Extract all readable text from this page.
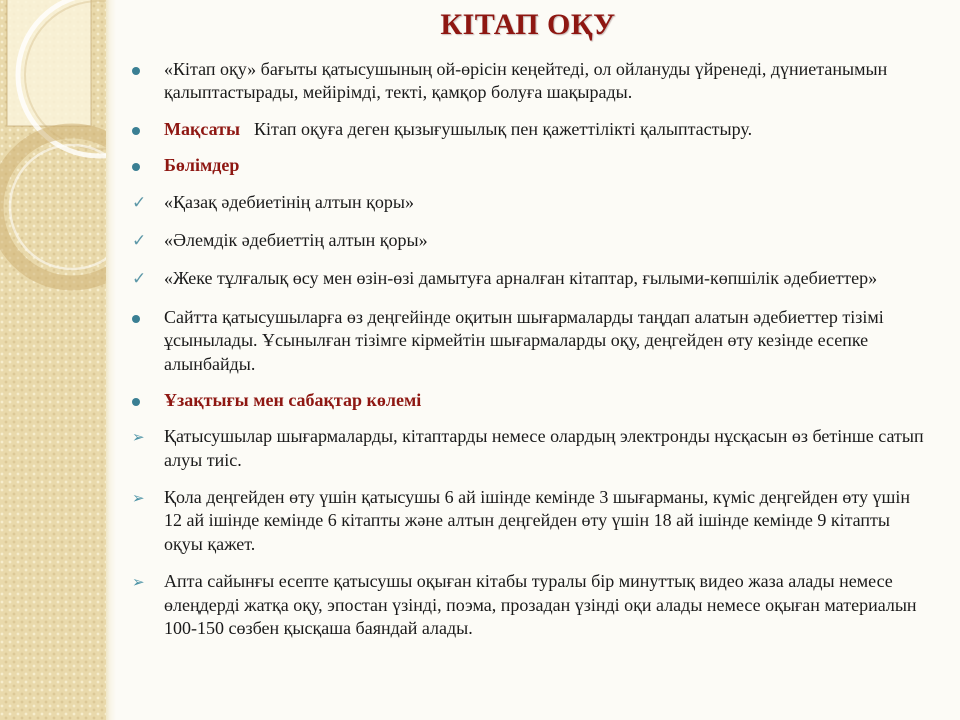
КІТАП ОҚУ
«Кітап оқу» бағыты қатысушының ой-өрісін кеңейтеді, ол ойлануды үйренеді, дүниетанымын қалыптастырады, мейірімді, текті, қамқор болуға шақырады.
Мақсаты Кітап оқуға деген қызығушылық пен қажеттілікті қалыптастыру.
Бөлімдер
✓ «Қазақ әдебиетінің алтын қоры»
✓ «Әлемдік әдебиеттің алтын қоры»
✓ «Жеке тұлғалық өсу мен өзін-өзі дамытуға арналған кітаптар, ғылыми-көпшілік әдебиеттер»
Сайтта қатысушыларға өз деңгейінде оқитын шығармаларды таңдап алатын әдебиеттер тізімі ұсынылады. Ұсынылған тізімге кірмейтін шығармаларды оқу, деңгейден өту кезінде есепке алынбайды.
Ұзақтығы мен сабақтар көлемі
➢	Қатысушылар шығармаларды, кітаптарды немесе олардың электронды нұсқасын өз бетінше сатып алуы тиіс.
➢	Қола деңгейден өту үшін қатысушы 6 ай ішінде кемінде 3 шығарманы, күміс деңгейден өту үшін 12 ай ішінде кемінде 6 кітапты және алтын деңгейден өту үшін 18 ай ішінде кемінде 9 кітапты оқуы қажет.
➢	Апта сайынғы есепте қатысушы оқыған кітабы туралы бір минуттық видео жаза алады немесе өлеңдерді жатқа оқу, эпостан үзінді, поэма, прозадан үзінді оқи алады немесе оқыған материалын 100-150 сөзбен қысқаша баяндай алады.
